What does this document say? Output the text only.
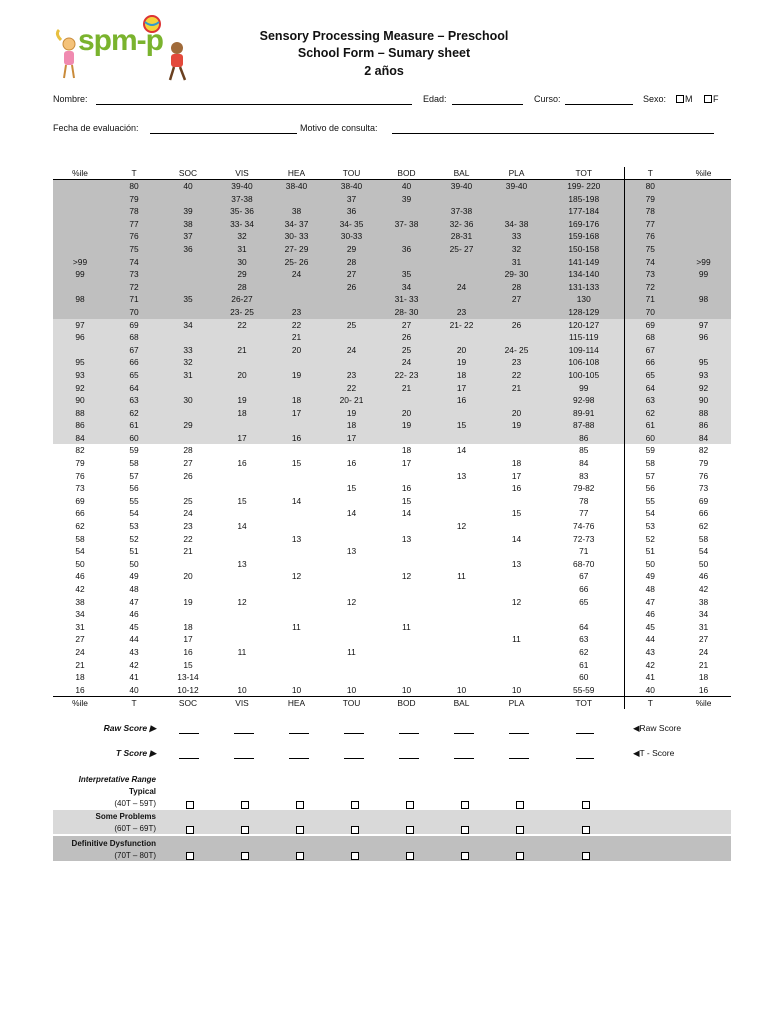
spm-p	Sensory Processing Measure – Preschool
School Form – Sumary sheet
2 años
Nombre:	Edad:	Curso:	Sexo: M F
Fecha de evaluación:	Motivo de consulta:
%ile	T	SOC	VIS	HEA	TOU	BOD	BAL	PLA	TOT	T	%ile
	80	40	39-40	38-40	38-40	40	39-40	39-40	199- 220	80	
	79		37-38		37	39			185-198	79	
	78	39	35- 36	38	36		37-38		177-184	78	
	77	38	33- 34	34- 37	34- 35	37- 38	32- 36	34- 38	169-176	77	
	76	37	32	30- 33	30-33		28-31	33	159-168	76	
	75	36	31	27- 29	29	36	25- 27	32	150-158	75	
>99	74		30	25- 26	28			31	141-149	74	>99
99	73		29	24	27	35		29- 30	134-140	73	99
	72		28		26	34	24	28	131-133	72	
98	71	35	26-27			31- 33		27	130	71	98
	70		23- 25	23		28- 30	23		128-129	70	
97	69	34	22	22	25	27	21- 22	26	120-127	69	97
96	68			21		26			115-119	68	96
	67	33	21	20	24	25	20	24- 25	109-114	67	
95	66	32				24	19	23	106-108	66	95
93	65	31	20	19	23	22- 23	18	22	100-105	65	93
92	64				22	21	17	21	99	64	92
90	63	30	19	18	20- 21		16		92-98	63	90
88	62		18	17	19	20		20	89-91	62	88
86	61	29			18	19	15	19	87-88	61	86
84	60		17	16	17				86	60	84
82	59	28				18	14		85	59	82
79	58	27	16	15	16	17		18	84	58	79
76	57	26					13	17	83	57	76
73	56				15	16		16	79-82	56	73
69	55	25	15	14		15			78	55	69
66	54	24			14	14		15	77	54	66
62	53	23	14				12		74-76	53	62
58	52	22		13		13		14	72-73	52	58
54	51	21			13				71	51	54
50	50		13					13	68-70	50	50
46	49	20		12		12	11		67	49	46
42	48								66	48	42
38	47	19	12		12			12	65	47	38
34	46									46	34
31	45	18		11		11			64	45	31
27	44	17						11	63	44	27
24	43	16	11		11				62	43	24
21	42	15							61	42	21
18	41	13-14							60	41	18
16	40	10-12	10	10	10	10	10	10	55-59	40	16
%ile	T	SOC	VIS	HEA	TOU	BOD	BAL	PLA	TOT	T	%ile
Raw Score ▶
T Score ▶
◀Raw Score
◀T - Score
Interpretative Range
Typical
(40T – 59T)
Some Problems
(60T – 69T)
Definitive Dysfunction
(70T – 80T)
